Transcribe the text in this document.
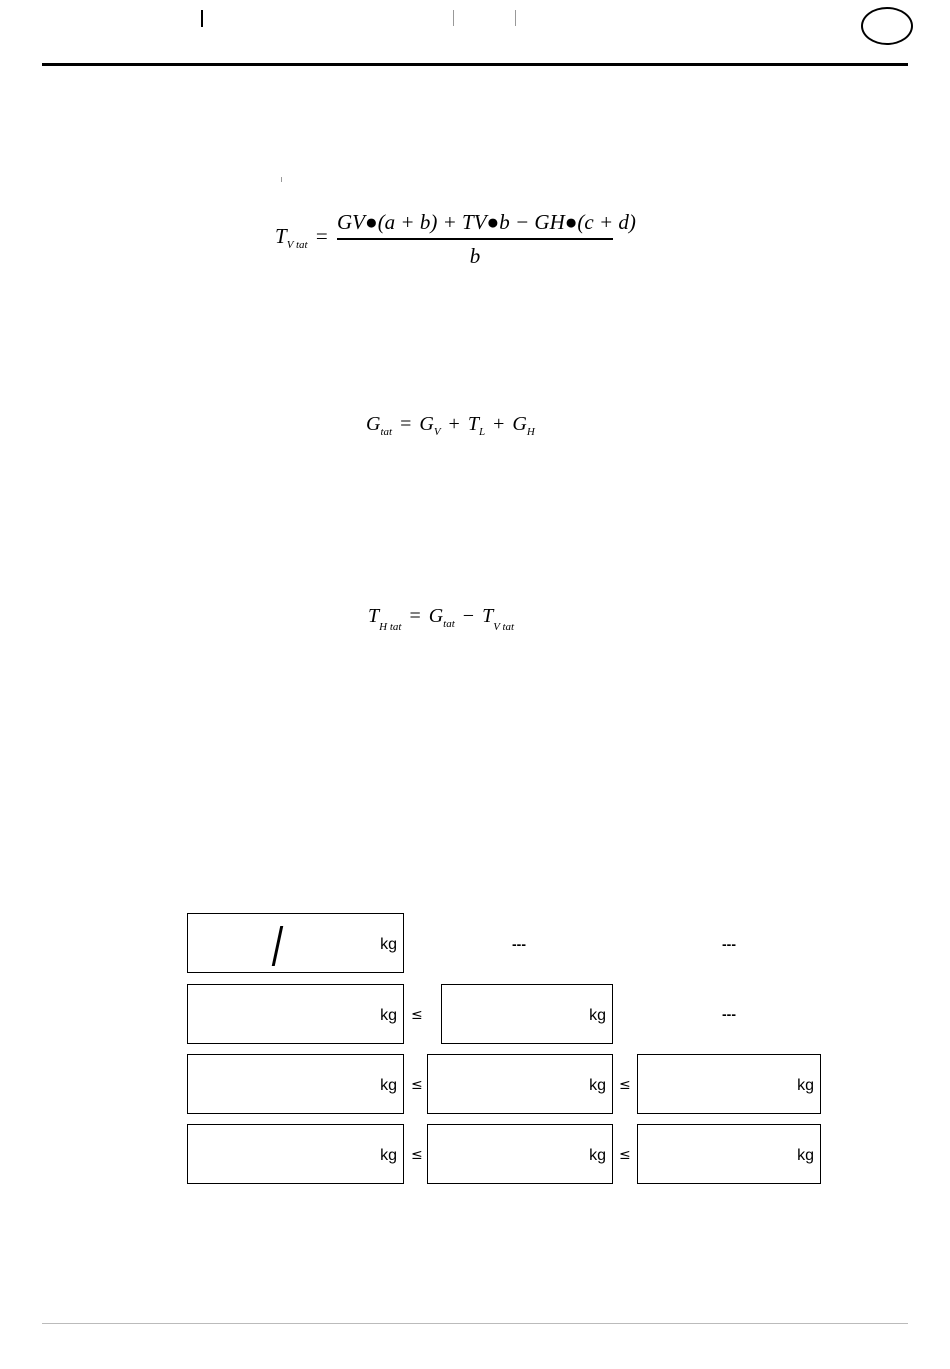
$T_{V tat}$ =
GV●(a + b) + TV●b − GH●(c + d)
b
$G_{tat} = G_V + T_L + G_H$
$T_{H tat} = G_{tat} - T_{V tat}$
kg	---	---
kg ≤	kg	---
kg ≤	kg ≤	kg
kg ≤	kg ≤	kg
